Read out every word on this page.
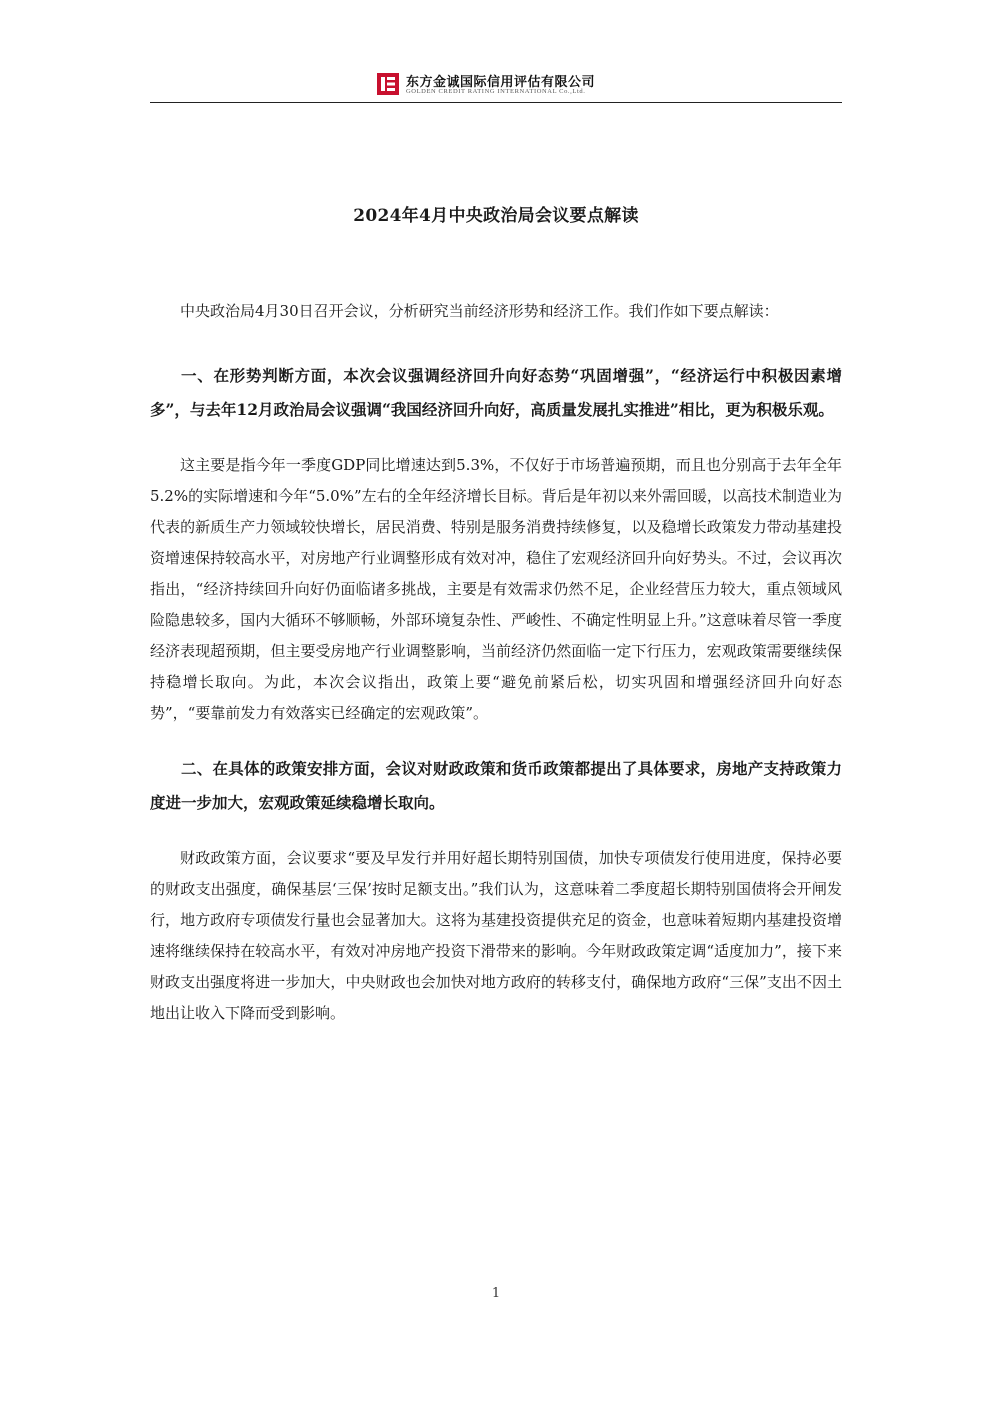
东方金诚国际信用评估有限公司
GOLDEN CREDIT RATING INTERNATIONAL Co.,Ltd.
2024年4月中央政治局会议要点解读

中央政治局4月30日召开会议，分析研究当前经济形势和经济工作。我们作如下要点解读：

一、在形势判断方面，本次会议强调经济回升向好态势“巩固增强”，“经济运行中积极因素增多”，与去年12月政治局会议强调“我国经济回升向好，高质量发展扎实推进”相比，更为积极乐观。

这主要是指今年一季度GDP同比增速达到5.3%，不仅好于市场普遍预期，而且也分别高于去年全年5.2%的实际增速和今年“5.0%”左右的全年经济增长目标。背后是年初以来外需回暖，以高技术制造业为代表的新质生产力领域较快增长，居民消费、特别是服务消费持续修复，以及稳增长政策发力带动基建投资增速保持较高水平，对房地产行业调整形成有效对冲，稳住了宏观经济回升向好势头。不过，会议再次指出，“经济持续回升向好仍面临诸多挑战，主要是有效需求仍然不足，企业经营压力较大，重点领域风险隐患较多，国内大循环不够顺畅，外部环境复杂性、严峻性、不确定性明显上升。”这意味着尽管一季度经济表现超预期，但主要受房地产行业调整影响，当前经济仍然面临一定下行压力，宏观政策需要继续保持稳增长取向。为此，本次会议指出，政策上要“避免前紧后松，切实巩固和增强经济回升向好态势”，“要靠前发力有效落实已经确定的宏观政策”。

二、在具体的政策安排方面，会议对财政政策和货币政策都提出了具体要求，房地产支持政策力度进一步加大，宏观政策延续稳增长取向。

财政政策方面，会议要求“要及早发行并用好超长期特别国债，加快专项债发行使用进度，保持必要的财政支出强度，确保基层‘三保’按时足额支出。”我们认为，这意味着二季度超长期特别国债将会开闸发行，地方政府专项债发行量也会显著加大。这将为基建投资提供充足的资金，也意味着短期内基建投资增速将继续保持在较高水平，有效对冲房地产投资下滑带来的影响。今年财政政策定调“适度加力”，接下来财政支出强度将进一步加大，中央财政也会加快对地方政府的转移支付，确保地方政府“三保”支出不因土地出让收入下降而受到影响。

1
